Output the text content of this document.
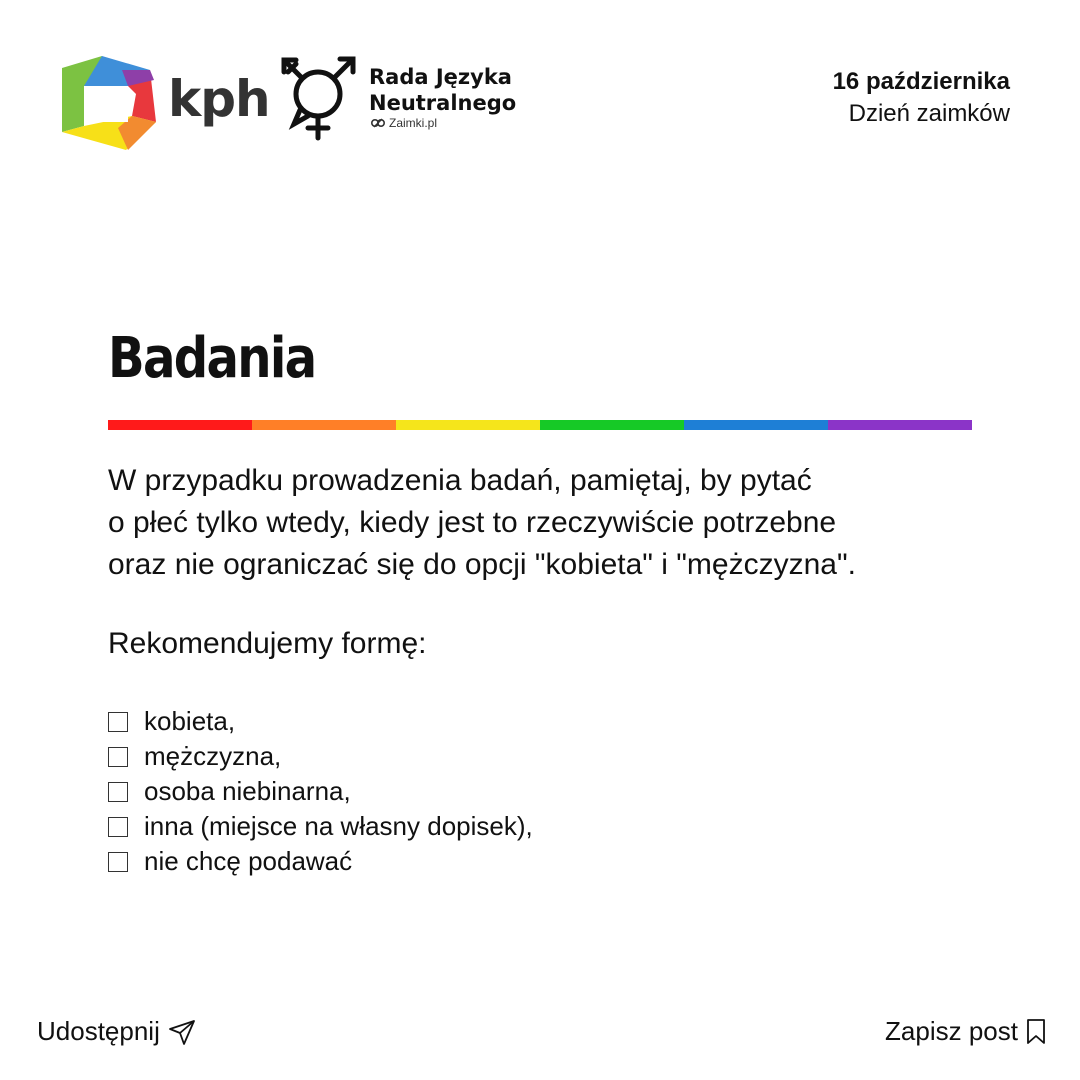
kph	Rada Języka
Neutralnego
Zaimki.pl
16 października
Dzień zaimków
Badania
W przypadku prowadzenia badań, pamiętaj, by pytać
o płeć tylko wtedy, kiedy jest to rzeczywiście potrzebne
oraz nie ograniczać się do opcji "kobieta" i "mężczyzna".
Rekomendujemy formę:
kobieta,
mężczyzna,
osoba niebinarna,
inna (miejsce na własny dopisek),
nie chcę podawać
Udostępnij	Zapisz post
